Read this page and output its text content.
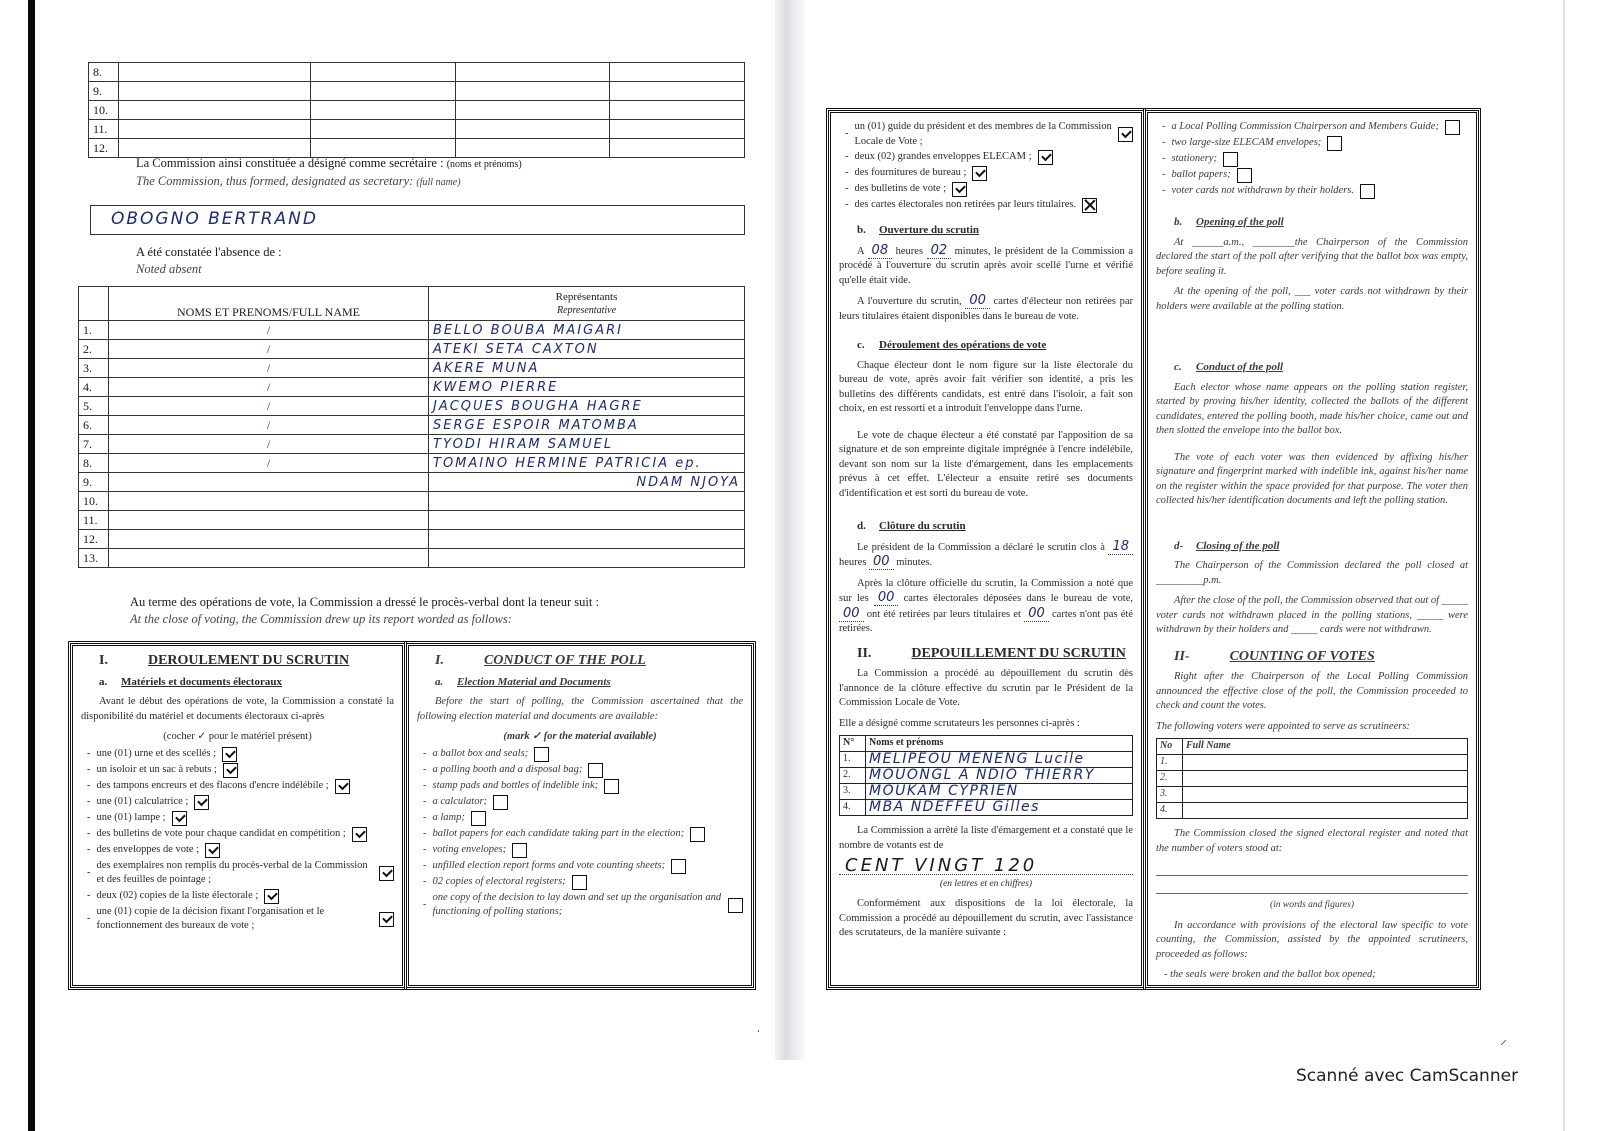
8.				
9.				
10.				
11.				
12.				
La Commission ainsi constituée a désigné comme secrétaire : (noms et prénoms)
The Commission, thus formed, designated as secretary: (full name)
OBOGNO BERTRAND
A été constatée l'absence de :
Noted absent
	NOMS ET PRENOMS/FULL NAME	Représentants
Representative

1.	/	BELLO BOUBA MAIGARI
2.	/	ATEKI SETA CAXTON
3.	/	AKERE MUNA
4.	/	KWEMO PIERRE
5.	/	JACQUES BOUGHA HAGRE
6.	/	SERGE ESPOIR MATOMBA
7.	/	TYODI HIRAM SAMUEL
8.	/	TOMAINO HERMINE PATRICIA ep.
9.		NDAM NJOYA
10.		
11.		
12.		
13.		
Au terme des opérations de vote, la Commission a dressé le procès-verbal dont la teneur suit :
At the close of voting, the Commission drew up its report worded as follows:
I.	DEROULEMENT DU SCRUTIN
a. Matériels et documents électoraux
Avant le début des opérations de vote, la Commission a constaté la disponibilité du matériel et documents électoraux ci-après
(cocher ✓ pour le matériel présent)
- une (01) urne et des scellés ;
- un isoloir et un sac à rebuts ;
- des tampons encreurs et des flacons d'encre indélébile ;
- une (01) calculatrice ;
- une (01) lampe ;
- des bulletins de vote pour chaque candidat en compétition ;
- des enveloppes de vote ;
-
des exemplaires non remplis du procès-verbal de la Commission et des feuilles de pointage ;
- deux (02) copies de la liste électorale ;
-
une (01) copie de la décision fixant l'organisation et le fonctionnement des bureaux de vote ;
I.	CONDUCT OF THE POLL
a. Election Material and Documents
Before the start of polling, the Commission ascertained that the following election material and documents are available:
(mark ✓ for the material available)
- a ballot box and seals;
- a polling booth and a disposal bag;
- stamp pads and bottles of indelible ink;
- a calculator;
- a lamp;
- ballot papers for each candidate taking part in the election;
- voting envelopes;
- unfilled election report forms and vote counting sheets;
- 02 copies of electoral registers;
-
one copy of the decision to lay down and set up the organisation and functioning of polling stations;
-
un (01) guide du président et des membres de la Commission Locale de Vote ;
- deux (02) grandes enveloppes ELECAM ;
- des fournitures de bureau ;
- des bulletins de vote ;
- des cartes électorales non retirées par leurs titulaires.
b. Ouverture du scrutin
A 08 heures 02 minutes, le président de la Commission a procédé à l'ouverture du scrutin après avoir scellé l'urne et vérifié qu'elle était vide.
A l'ouverture du scrutin, 00 cartes d'électeur non retirées par leurs titulaires étaient disponibles dans le bureau de vote.
c. Déroulement des opérations de vote
Chaque électeur dont le nom figure sur la liste électorale du bureau de vote, après avoir fait vérifier son identité, a pris les bulletins des différents candidats, est entré dans l'isoloir, a fait son choix, en est ressorti et a introduit l'enveloppe dans l'urne.
Le vote de chaque électeur a été constaté par l'apposition de sa signature et de son empreinte digitale imprégnée à l'encre indélébile, devant son nom sur la liste d'émargement, dans les emplacements prévus à cet effet. L'électeur a ensuite retiré ses documents d'identification et est sorti du bureau de vote.
d. Clôture du scrutin
Le président de la Commission a déclaré le scrutin clos à 18 heures 00 minutes.
Après la clôture officielle du scrutin, la Commission a noté que sur les 00 cartes électorales déposées dans le bureau de vote, 00 ont été retirées par leurs titulaires et 00 cartes n'ont pas été retirées.
II.	DEPOUILLEMENT DU SCRUTIN
La Commission a procédé au dépouillement du scrutin dès l'annonce de la clôture effective du scrutin par le Président de la Commission Locale de Vote.
Elle a désigné comme scrutateurs les personnes ci-après :
N°	Noms et prénoms
1.	MELIPEOU MENENG Lucile
2.	MOUONGL A NDIO THIERRY
3.	MOUKAM CYPRIEN
4.	MBA NDEFFEU Gilles
La Commission a arrêté la liste d'émargement et a constaté que le nombre de votants est de
CENT VINGT 120
(en lettres et en chiffres)
Conformément aux dispositions de la loi électorale, la Commission a procédé au dépouillement du scrutin, avec l'assistance des scrutateurs, de la manière suivante :
- a Local Polling Commission Chairperson and Members Guide;
- two large-size ELECAM envelopes;
- stationery;
- ballot papers;
- voter cards not withdrawn by their holders.
b. Opening of the poll
At ______a.m., ________the Chairperson of the Commission declared the start of the poll after verifying that the ballot box was empty, before sealing it.
At the opening of the poll, ___ voter cards not withdrawn by their holders were available at the polling station.
c. Conduct of the poll
Each elector whose name appears on the polling station register, started by proving his/her identity, collected the ballots of the different candidates, entered the polling booth, made his/her choice, came out and then slotted the envelope into the ballot box.
The vote of each voter was then evidenced by affixing his/her signature and fingerprint marked with indelible ink, against his/her name on the register within the space provided for that purpose. The voter then collected his/her identification documents and left the polling station.
d- Closing of the poll
The Chairperson of the Commission declared the poll closed at _________p.m.
After the close of the poll, the Commission observed that out of _____ voter cards not withdrawn placed in the polling stations, _____ were withdrawn by their holders and _____ cards were not withdrawn.
II-	COUNTING OF VOTES
Right after the Chairperson of the Local Polling Commission announced the effective close of the poll, the Commission proceeded to check and count the votes.
The following voters were appointed to serve as scrutineers:
No	Full Name
1.	
2.	
3.	
4.	
The Commission closed the signed electoral register and noted that the number of voters stood at:
(in words and figures)
In accordance with provisions of the electoral law specific to vote counting, the Commission, assisted by the appointed scrutineers, proceeded as follows:
- the seals were broken and the ballot box opened;
ˌ
⸝
Scanné avec CamScanner
